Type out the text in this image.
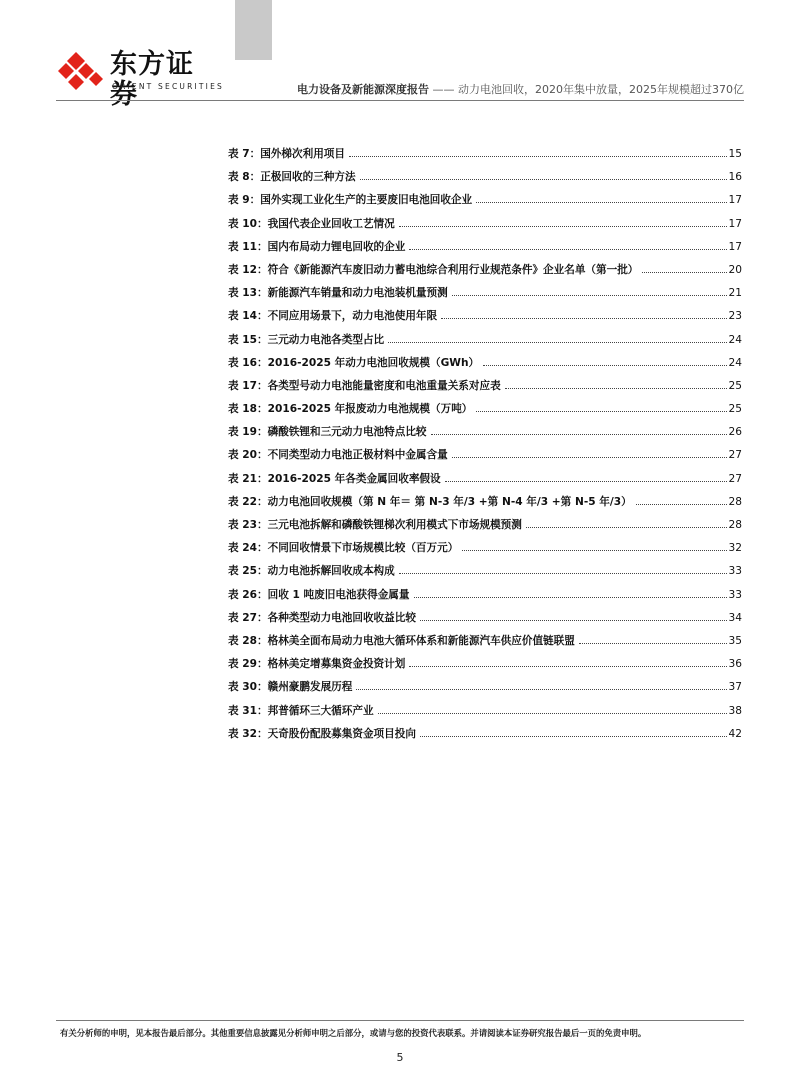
东方证券
ORIENT SECURITIES	电力设备及新能源深度报告 —— 动力电池回收，2020年集中放量，2025年规模超过370亿
表 7：国外梯次利用项目	15
表 8：正极回收的三种方法	16
表 9：国外实现工业化生产的主要废旧电池回收企业	17
表 10：我国代表企业回收工艺情况	17
表 11：国内布局动力锂电回收的企业	17
表 12：符合《新能源汽车废旧动力蓄电池综合利用行业规范条件》企业名单（第一批）	20
表 13：新能源汽车销量和动力电池装机量预测	21
表 14：不同应用场景下，动力电池使用年限	23
表 15：三元动力电池各类型占比	24
表 16：2016-2025 年动力电池回收规模（GWh）	24
表 17：各类型号动力电池能量密度和电池重量关系对应表	25
表 18：2016-2025 年报废动力电池规模（万吨）	25
表 19：磷酸铁锂和三元动力电池特点比较	26
表 20：不同类型动力电池正极材料中金属含量	27
表 21：2016-2025 年各类金属回收率假设	27
表 22：动力电池回收规模（第 N 年＝ 第 N-3 年/3 +第 N-4 年/3 +第 N-5 年/3）	28
表 23：三元电池拆解和磷酸铁锂梯次利用模式下市场规模预测	28
表 24：不同回收情景下市场规模比较（百万元）	32
表 25：动力电池拆解回收成本构成	33
表 26：回收 1 吨废旧电池获得金属量	33
表 27：各种类型动力电池回收收益比较	34
表 28：格林美全面布局动力电池大循环体系和新能源汽车供应价值链联盟	35
表 29：格林美定增募集资金投资计划	36
表 30：赣州豪鹏发展历程	37
表 31：邦普循环三大循环产业	38
表 32：天奇股份配股募集资金项目投向	42
有关分析师的申明，见本报告最后部分。其他重要信息披露见分析师申明之后部分，或请与您的投资代表联系。并请阅读本证券研究报告最后一页的免责申明。
5
